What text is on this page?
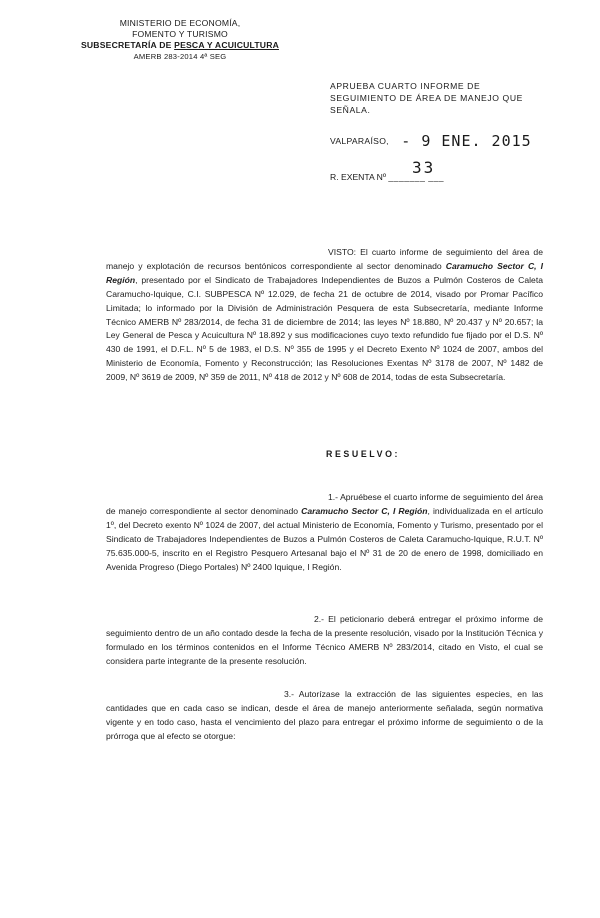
MINISTERIO DE ECONOMÍA,
FOMENTO Y TURISMO
SUBSECRETARÍA DE PESCA Y ACUICULTURA
AMERB 283-2014 4ª SEG
APRUEBA CUARTO INFORME DE SEGUIMIENTO DE ÁREA DE MANEJO QUE SEÑALA.
VALPARAÍSO, - 9 ENE. 2015
R. EXENTA Nº _______ ___
33

VISTO: El cuarto informe de seguimiento del área de manejo y explotación de recursos bentónicos correspondiente al sector denominado Caramucho Sector C, I Región, presentado por el Sindicato de Trabajadores Independientes de Buzos a Pulmón Costeros de Caleta Caramucho-Iquique, C.I. SUBPESCA Nº 12.029, de fecha 21 de octubre de 2014, visado por Promar Pacífico Limitada; lo informado por la División de Administración Pesquera de esta Subsecretaría, mediante Informe Técnico AMERB Nº 283/2014, de fecha 31 de diciembre de 2014; las leyes Nº 18.880, Nº 20.437 y Nº 20.657; la Ley General de Pesca y Acuicultura Nº 18.892 y sus modificaciones cuyo texto refundido fue fijado por el D.S. Nº 430 de 1991, el D.F.L. Nº 5 de 1983, el D.S. Nº 355 de 1995 y el Decreto Exento Nº 1024 de 2007, ambos del Ministerio de Economía, Fomento y Reconstrucción; las Resoluciones Exentas Nº 3178 de 2007, Nº 1482 de 2009, Nº 3619 de 2009, Nº 359 de 2011, Nº 418 de 2012 y Nº 608 de 2014, todas de esta Subsecretaría.

RESUELVO:

1.- Apruébese el cuarto informe de seguimiento del área de manejo correspondiente al sector denominado Caramucho Sector C, I Región, individualizada en el artículo 1º, del Decreto exento Nº 1024 de 2007, del actual Ministerio de Economía, Fomento y Turismo, presentado por el Sindicato de Trabajadores Independientes de Buzos a Pulmón Costeros de Caleta Caramucho-Iquique, R.U.T. Nº 75.635.000-5, inscrito en el Registro Pesquero Artesanal bajo el Nº 31 de 20 de enero de 1998, domiciliado en Avenida Progreso (Diego Portales) Nº 2400 Iquique, I Región.

2.- El peticionario deberá entregar el próximo informe de seguimiento dentro de un año contado desde la fecha de la presente resolución, visado por la Institución Técnica y formulado en los términos contenidos en el Informe Técnico AMERB Nº 283/2014, citado en Visto, el cual se considera parte integrante de la presente resolución.

3.- Autorízase la extracción de las siguientes especies, en las cantidades que en cada caso se indican, desde el área de manejo anteriormente señalada, según normativa vigente y en todo caso, hasta el vencimiento del plazo para entregar el próximo informe de seguimiento o de la prórroga que al efecto se otorgue:
